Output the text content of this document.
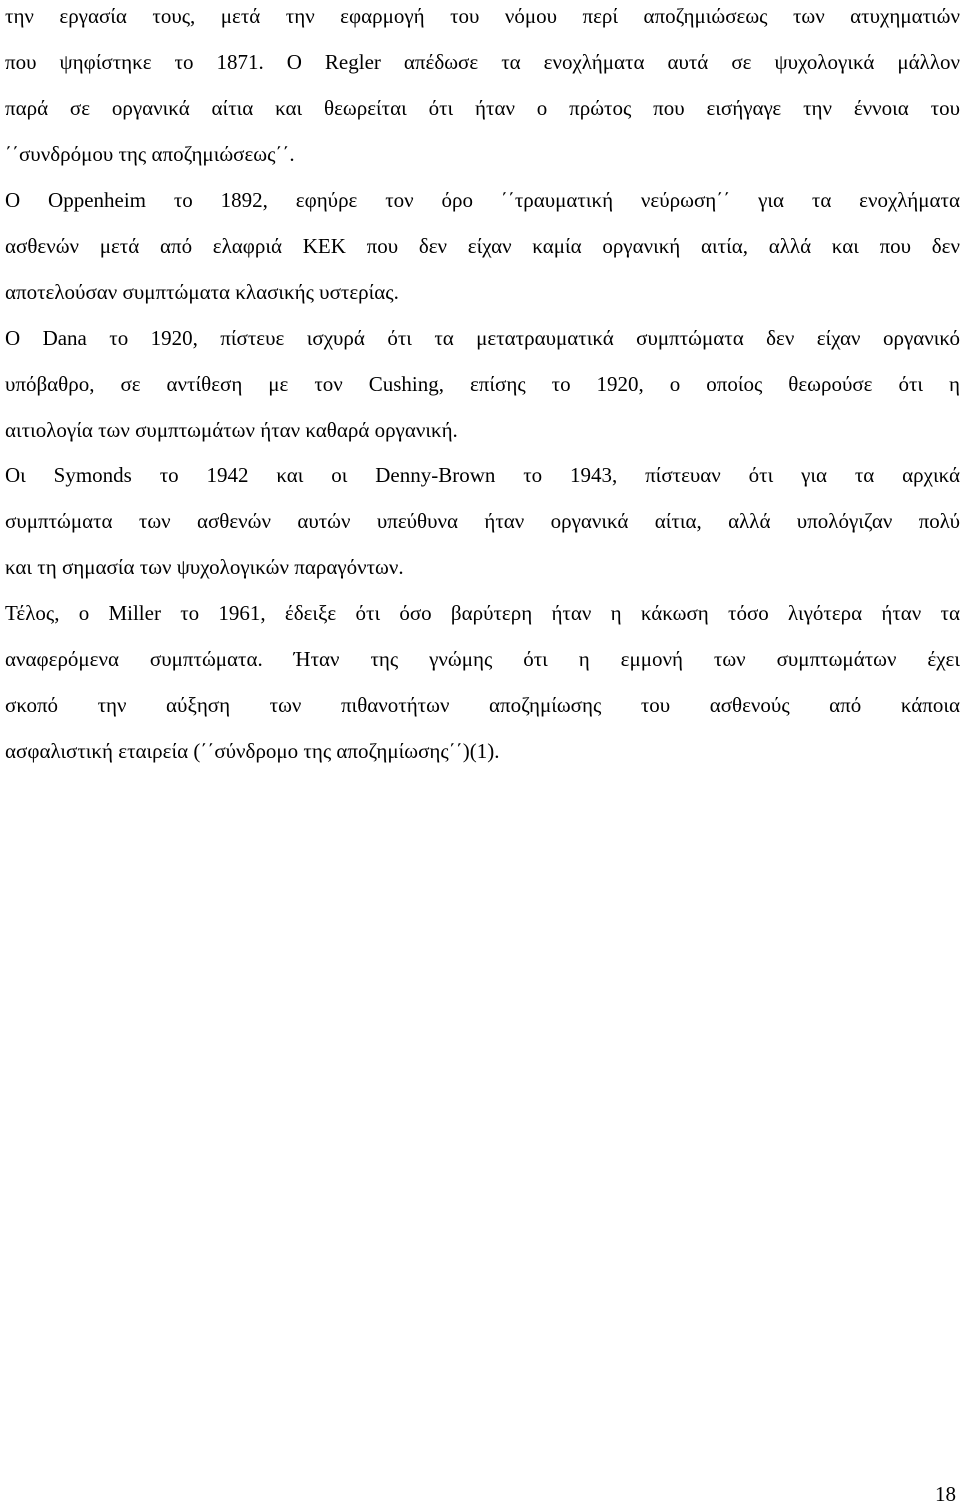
την εργασία τους, μετά την εφαρμογή του νόμου περί αποζημιώσεως των ατυχηματιών
που ψηφίστηκε το 1871. Ο Regler απέδωσε τα ενοχλήματα αυτά σε ψυχολογικά μάλλον
παρά σε οργανικά αίτια και θεωρείται ότι ήταν ο πρώτος που εισήγαγε την έννοια του
΄΄συνδρόμου της αποζημιώσεως΄΄.
Ο Oppenheim το 1892, εφηύρε τον όρο ΄΄τραυματική νεύρωση΄΄ για τα ενοχλήματα
ασθενών μετά από ελαφριά ΚΕΚ που δεν είχαν καμία οργανική αιτία, αλλά και που δεν
αποτελούσαν συμπτώματα κλασικής υστερίας.
Ο Dana το 1920, πίστευε ισχυρά ότι τα μετατραυματικά συμπτώματα δεν είχαν οργανικό
υπόβαθρο, σε αντίθεση με τον Cushing, επίσης το 1920, ο οποίος θεωρούσε ότι η
αιτιολογία των συμπτωμάτων ήταν καθαρά οργανική.
Οι Symonds το 1942 και οι Denny-Brown το 1943, πίστευαν ότι για τα αρχικά
συμπτώματα των ασθενών αυτών υπεύθυνα ήταν οργανικά αίτια, αλλά υπολόγιζαν πολύ
και τη σημασία των ψυχολογικών παραγόντων.
Τέλος, ο Miller το 1961, έδειξε ότι όσο βαρύτερη ήταν η κάκωση τόσο λιγότερα ήταν τα
αναφερόμενα συμπτώματα. Ήταν της γνώμης ότι η εμμονή των συμπτωμάτων έχει
σκοπό την αύξηση των πιθανοτήτων αποζημίωσης του ασθενούς από κάποια
ασφαλιστική εταιρεία (΄΄σύνδρομο της αποζημίωσης΄΄)(1).
18
